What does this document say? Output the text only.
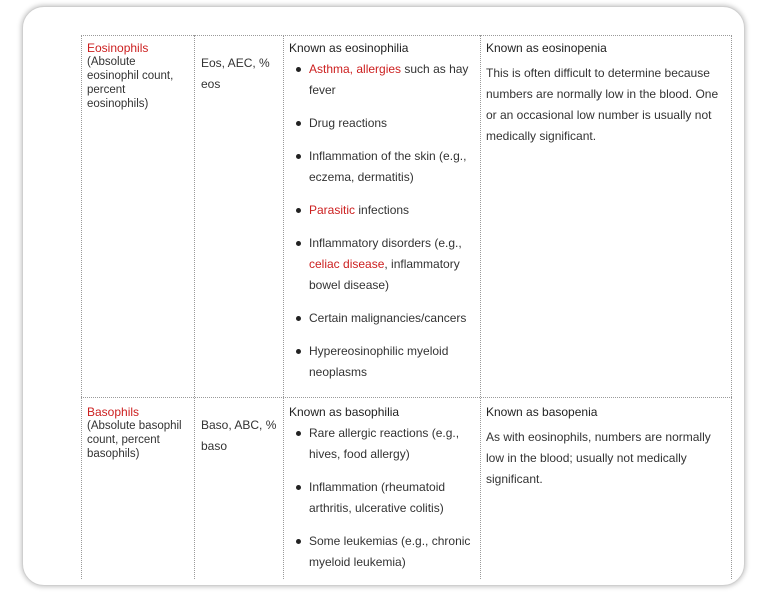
Eosinophils
(Absolute
eosinophil count,
percent
eosinophils)
Eos, AEC, %
eos
Known as eosinophilia
Asthma, allergies such as hay fever
Drug reactions
Inflammation of the skin (e.g., eczema, dermatitis)
Parasitic infections
Inflammatory disorders (e.g., celiac disease, inflammatory bowel disease)
Certain malignancies/cancers
Hypereosinophilic myeloid neoplasms
Known as eosinopenia
This is often difficult to determine because numbers are normally low in the blood. One or an occasional low number is usually not medically significant.
Basophils
(Absolute basophil
count, percent
basophils)
Baso, ABC, %
baso
Known as basophilia
Rare allergic reactions (e.g., hives, food allergy)
Inflammation (rheumatoid arthritis, ulcerative colitis)
Some leukemias (e.g., chronic myeloid leukemia)
Known as basopenia
As with eosinophils, numbers are normally low in the blood; usually not medically significant.
